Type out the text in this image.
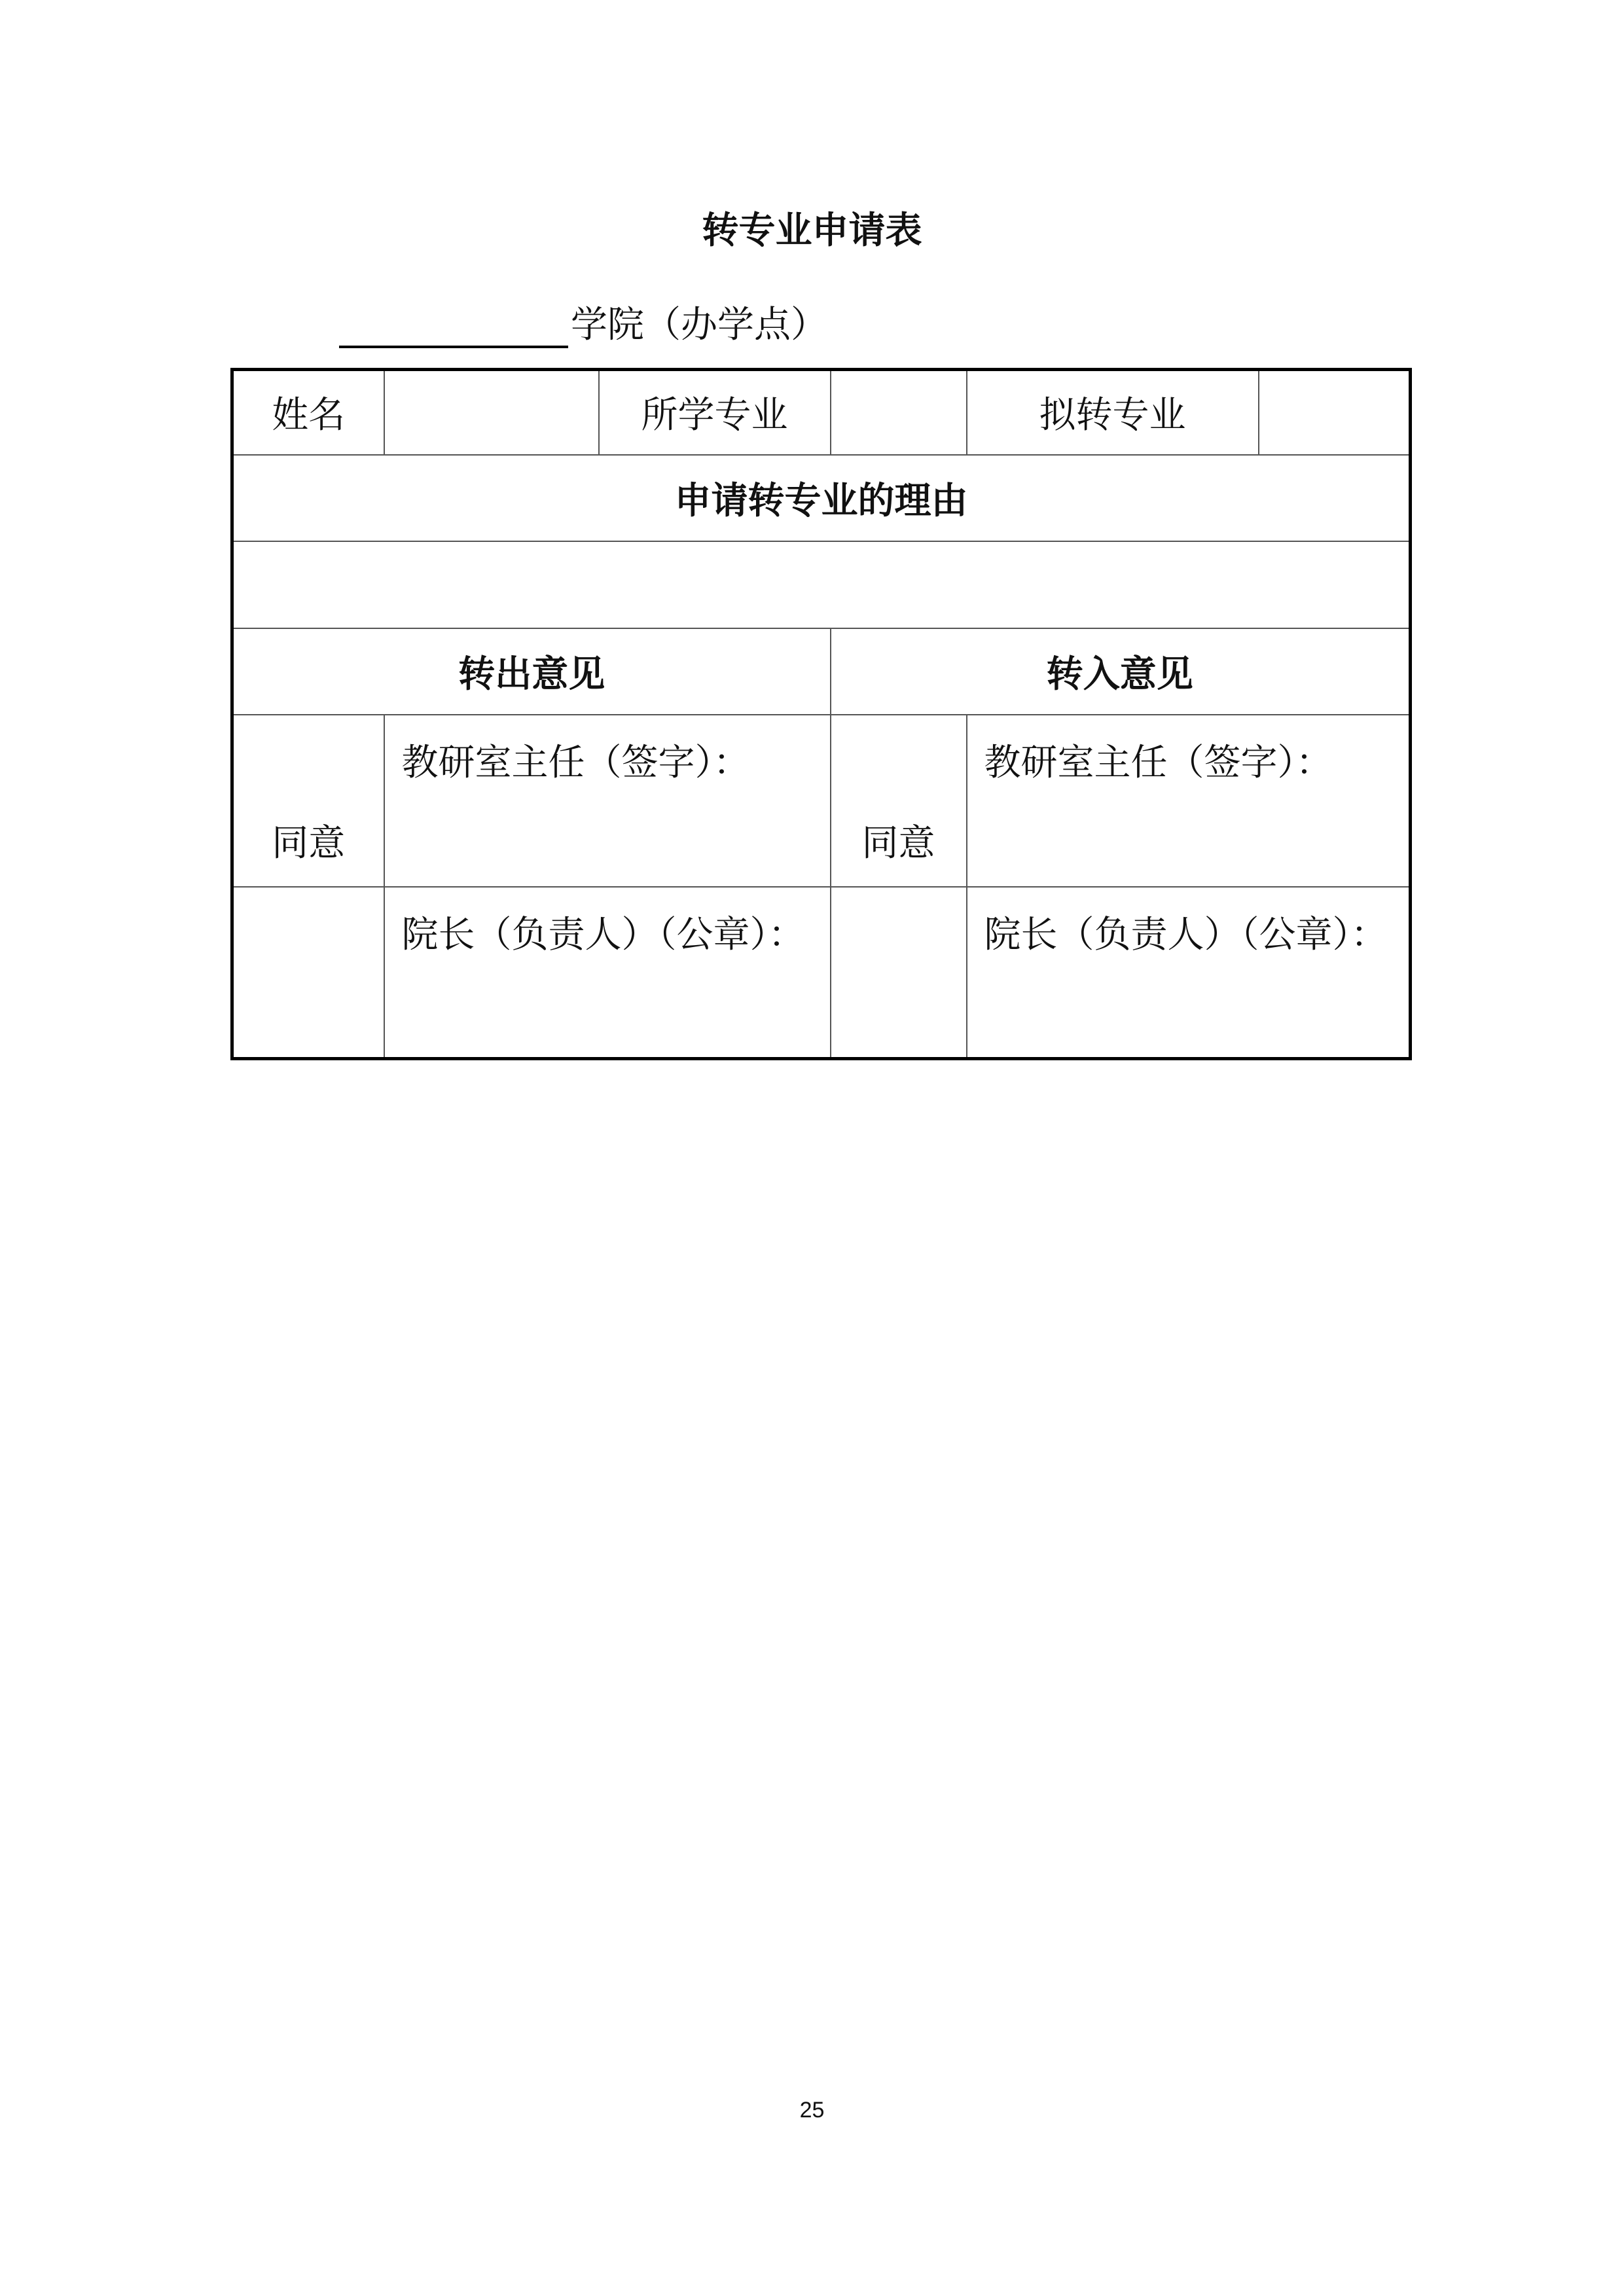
转专业申请表
学院（办学点）
姓名		所学专业		拟转专业	
申请转专业的理由					

转出意见			转入意见		
同意	教研室主任（签字）：		同意	教研室主任（签字）：	
	院长（负责人）（公章）：			院长（负责人）（公章）：	
25
